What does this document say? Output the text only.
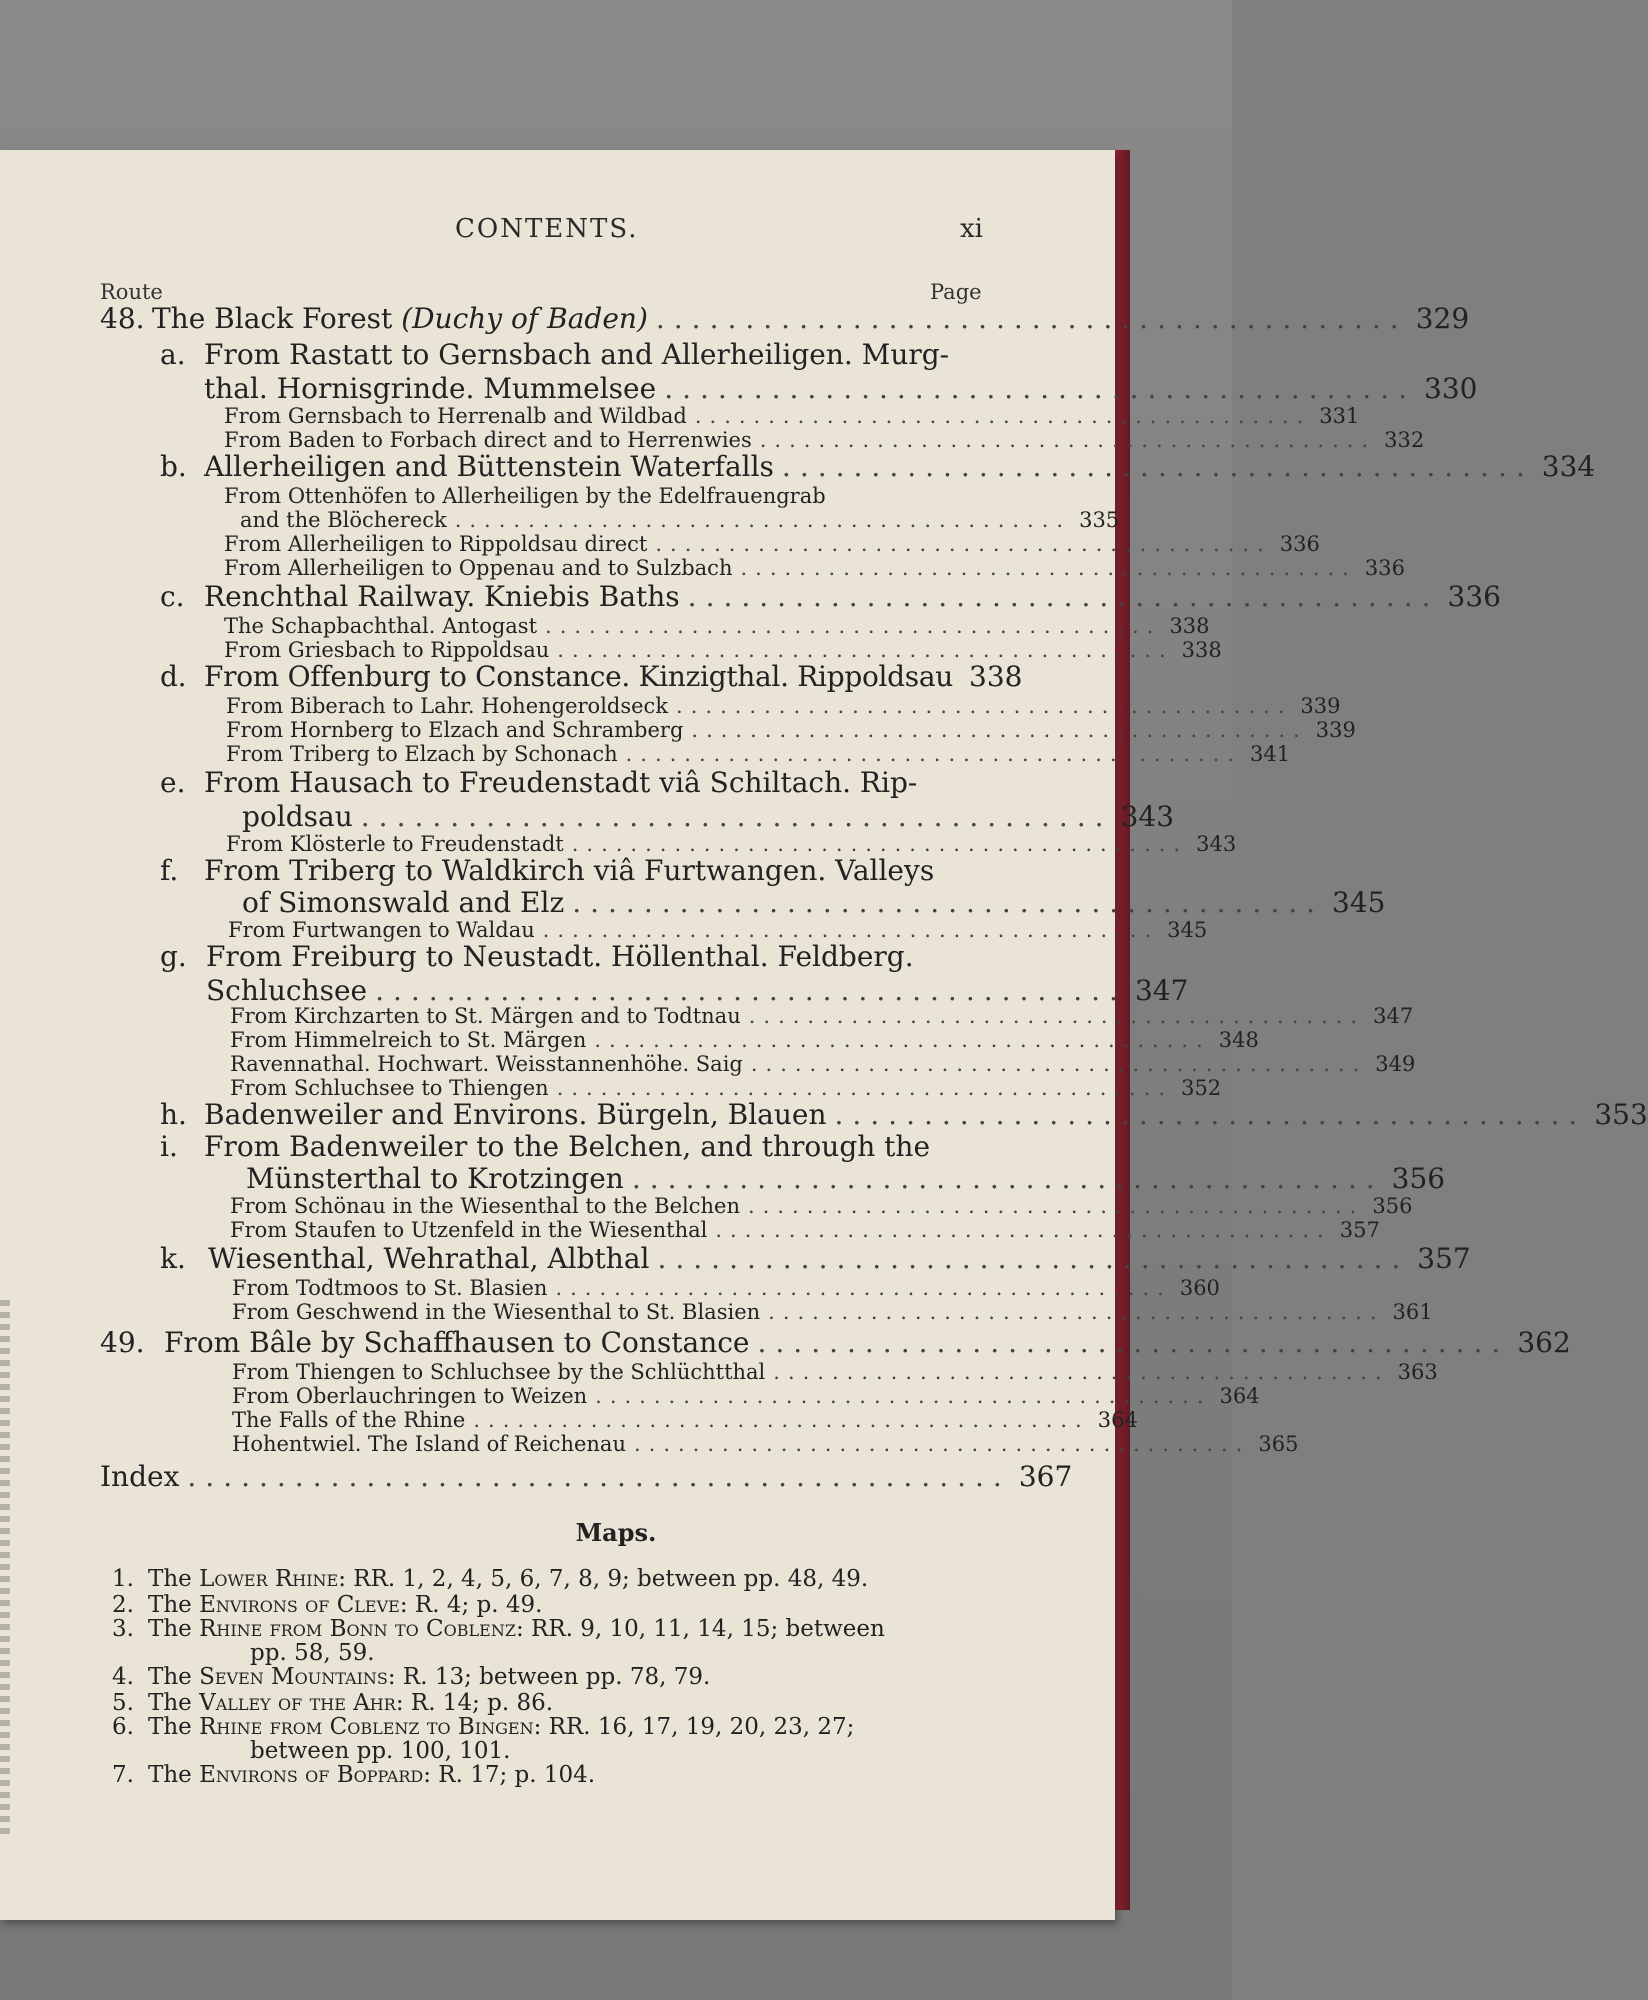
CONTENTS.	xi
Route	Page
48. The Black Forest (Duchy of Baden) .......................................... 329
a. From Rastatt to Gernsbach and Allerheiligen. Murg-
thal. Hornisgrinde. Mummelsee .......................................... 330
From Gernsbach to Herrenalb and Wildbad .......................................... 331
From Baden to Forbach direct and to Herrenwies .......................................... 332
b. Allerheiligen and Büttenstein Waterfalls .......................................... 334
From Ottenhöfen to Allerheiligen by the Edelfrauengrab
and the Blöchereck .......................................... 335
From Allerheiligen to Rippoldsau direct .......................................... 336
From Allerheiligen to Oppenau and to Sulzbach .......................................... 336
c. Renchthal Railway. Kniebis Baths .......................................... 336
The Schapbachthal. Antogast .......................................... 338
From Griesbach to Rippoldsau .......................................... 338
d. From Offenburg to Constance. Kinzigthal. Rippoldsau 338
From Biberach to Lahr. Hohengeroldseck .......................................... 339
From Hornberg to Elzach and Schramberg .......................................... 339
From Triberg to Elzach by Schonach .......................................... 341
e. From Hausach to Freudenstadt viâ Schiltach. Rip-
poldsau .......................................... 343
From Klösterle to Freudenstadt .......................................... 343
f. From Triberg to Waldkirch viâ Furtwangen. Valleys
of Simonswald and Elz .......................................... 345
From Furtwangen to Waldau .......................................... 345
g. From Freiburg to Neustadt. Höllenthal. Feldberg.
Schluchsee .......................................... 347
From Kirchzarten to St. Märgen and to Todtnau .......................................... 347
From Himmelreich to St. Märgen .......................................... 348
Ravennathal. Hochwart. Weisstannenhöhe. Saig .......................................... 349
From Schluchsee to Thiengen .......................................... 352
h. Badenweiler and Environs. Bürgeln, Blauen .......................................... 353
i. From Badenweiler to the Belchen, and through the
Münsterthal to Krotzingen .......................................... 356
From Schönau in the Wiesenthal to the Belchen .......................................... 356
From Staufen to Utzenfeld in the Wiesenthal .......................................... 357
k. Wiesenthal, Wehrathal, Albthal .......................................... 357
From Todtmoos to St. Blasien .......................................... 360
From Geschwend in the Wiesenthal to St. Blasien .......................................... 361
49. From Bâle by Schaffhausen to Constance .......................................... 362
From Thiengen to Schluchsee by the Schlüchtthal .......................................... 363
From Oberlauchringen to Weizen .......................................... 364
The Falls of the Rhine .......................................... 364
Hohentwiel. The Island of Reichenau .......................................... 365
Index .............................................. 367
Maps.
1. The Lower Rhine: RR. 1, 2, 4, 5, 6, 7, 8, 9; between pp. 48, 49.
2. The Environs of Cleve: R. 4; p. 49.
3. The Rhine from Bonn to Coblenz: RR. 9, 10, 11, 14, 15; between
pp. 58, 59.
4. The Seven Mountains: R. 13; between pp. 78, 79.
5. The Valley of the Ahr: R. 14; p. 86.
6. The Rhine from Coblenz to Bingen: RR. 16, 17, 19, 20, 23, 27;
between pp. 100, 101.
7. The Environs of Boppard: R. 17; p. 104.
